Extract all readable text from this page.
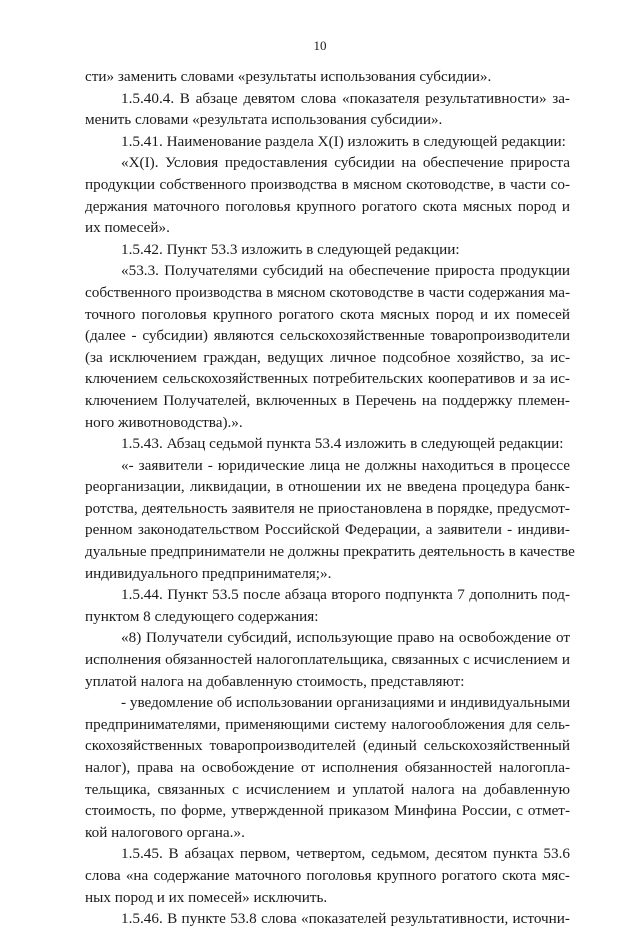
10
сти» заменить словами «результаты использования субсидии».
1.5.40.4. В абзаце девятом слова «показателя результативности» за-
менить словами «результата использования субсидии».
1.5.41. Наименование раздела X(I) изложить в следующей редакции:
«X(I). Условия предоставления субсидии на обеспечение прироста
продукции собственного производства в мясном скотоводстве, в части со-
держания маточного поголовья крупного рогатого скота мясных пород и
их помесей».
1.5.42. Пункт 53.3 изложить в следующей редакции:
«53.3. Получателями субсидий на обеспечение прироста продукции
собственного производства в мясном скотоводстве в части содержания ма-
точного поголовья крупного рогатого скота мясных пород и их помесей
(далее - субсидии) являются сельскохозяйственные товаропроизводители
(за исключением граждан, ведущих личное подсобное хозяйство, за ис-
ключением сельскохозяйственных потребительских кооперативов и за ис-
ключением Получателей, включенных в Перечень на поддержку племен-
ного животноводства).».
1.5.43. Абзац седьмой пункта 53.4 изложить в следующей редакции:
«- заявители - юридические лица не должны находиться в процессе
реорганизации, ликвидации, в отношении их не введена процедура банк-
ротства, деятельность заявителя не приостановлена в порядке, предусмот-
ренном законодательством Российской Федерации, а заявители - индиви-
дуальные предприниматели не должны прекратить деятельность в качестве
индивидуального предпринимателя;».
1.5.44. Пункт 53.5 после абзаца второго подпункта 7 дополнить под-
пунктом 8 следующего содержания:
«8) Получатели субсидий, использующие право на освобождение от
исполнения обязанностей налогоплательщика, связанных с исчислением и
уплатой налога на добавленную стоимость, представляют:
- уведомление об использовании организациями и индивидуальными
предпринимателями, применяющими систему налогообложения для сель-
скохозяйственных товаропроизводителей (единый сельскохозяйственный
налог), права на освобождение от исполнения обязанностей налогопла-
тельщика, связанных с исчислением и уплатой налога на добавленную
стоимость, по форме, утвержденной приказом Минфина России, с отмет-
кой налогового органа.».
1.5.45. В абзацах первом, четвертом, седьмом, десятом пункта 53.6
слова «на содержание маточного поголовья крупного рогатого скота мяс-
ных пород и их помесей» исключить.
1.5.46. В пункте 53.8 слова «показателей результативности, источни-
